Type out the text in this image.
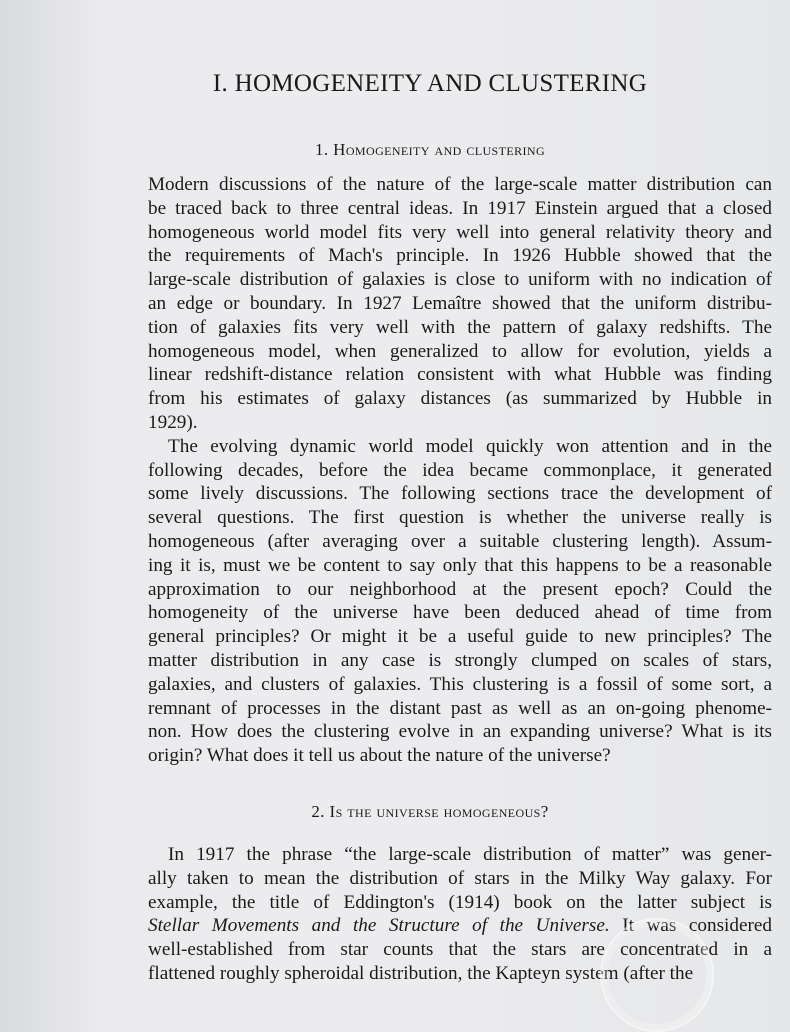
I. HOMOGENEITY AND CLUSTERING
1. Homogeneity and clustering
Modern discussions of the nature of the large-scale matter distribution can
be traced back to three central ideas. In 1917 Einstein argued that a closed
homogeneous world model fits very well into general relativity theory and
the requirements of Mach's principle. In 1926 Hubble showed that the
large-scale distribution of galaxies is close to uniform with no indication of
an edge or boundary. In 1927 Lemaître showed that the uniform distribu-
tion of galaxies fits very well with the pattern of galaxy redshifts. The
homogeneous model, when generalized to allow for evolution, yields a
linear redshift-distance relation consistent with what Hubble was finding
from his estimates of galaxy distances (as summarized by Hubble in
1929).
The evolving dynamic world model quickly won attention and in the
following decades, before the idea became commonplace, it generated
some lively discussions. The following sections trace the development of
several questions. The first question is whether the universe really is
homogeneous (after averaging over a suitable clustering length). Assum-
ing it is, must we be content to say only that this happens to be a reasonable
approximation to our neighborhood at the present epoch? Could the
homogeneity of the universe have been deduced ahead of time from
general principles? Or might it be a useful guide to new principles? The
matter distribution in any case is strongly clumped on scales of stars,
galaxies, and clusters of galaxies. This clustering is a fossil of some sort, a
remnant of processes in the distant past as well as an on-going phenome-
non. How does the clustering evolve in an expanding universe? What is its
origin? What does it tell us about the nature of the universe?
2. Is the universe homogeneous?
In 1917 the phrase “the large-scale distribution of matter” was gener-
ally taken to mean the distribution of stars in the Milky Way galaxy. For
example, the title of Eddington's (1914) book on the latter subject is
Stellar Movements and the Structure of the Universe. It was considered
well-established from star counts that the stars are concentrated in a
flattened roughly spheroidal distribution, the Kapteyn system (after the
